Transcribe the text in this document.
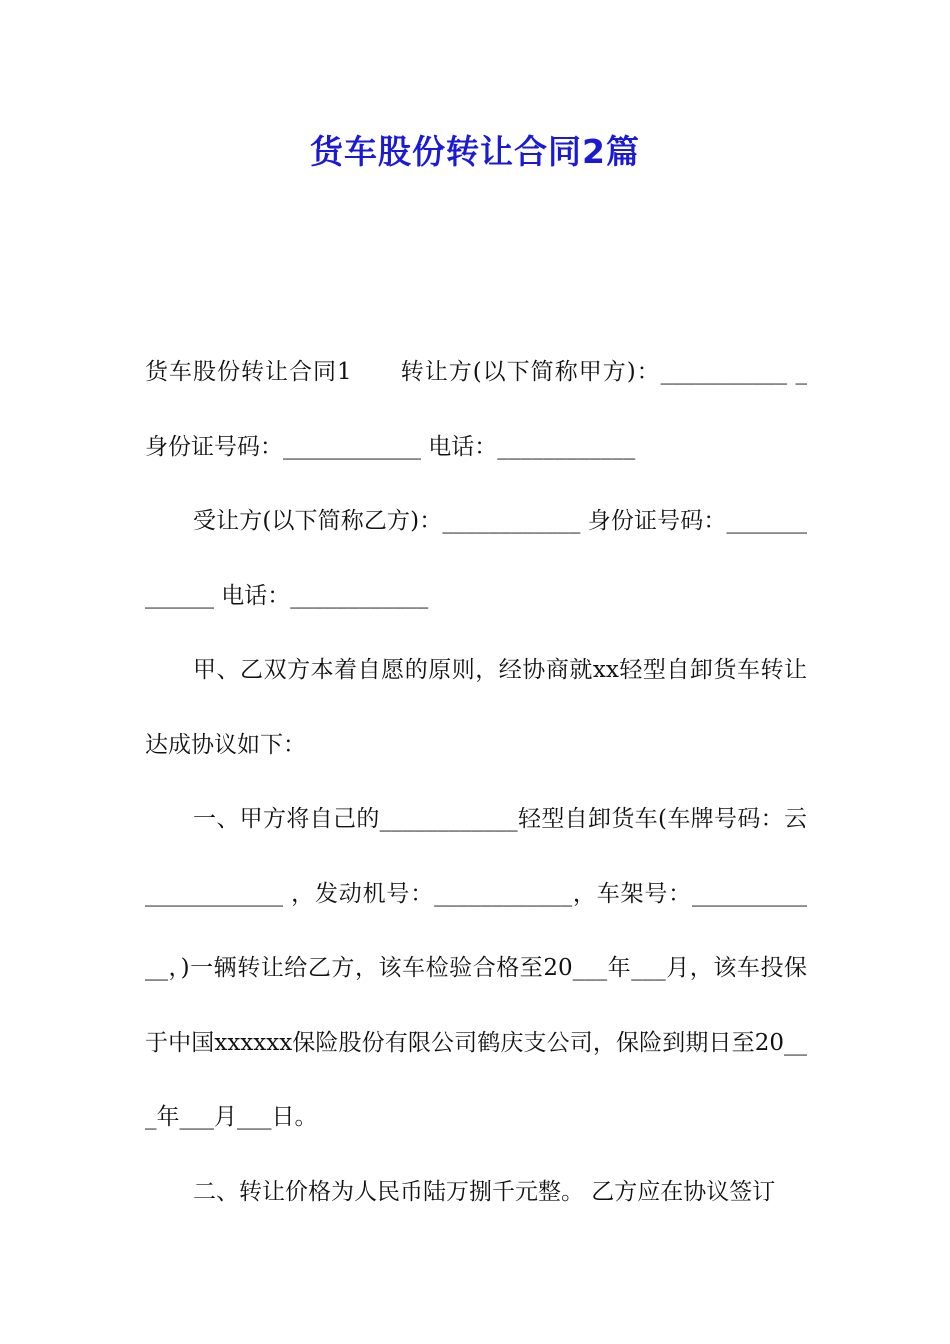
货车股份转让合同2篇

货车股份转让合同1　　转让方(以下简称甲方)：___________ _ 身份证号码：____________ 电话：____________

受让方(以下简称乙方)：____________ 身份证号码：_____________ 电话：____________

甲、乙双方本着自愿的原则，经协商就xx轻型自卸货车转让达成协议如下：

一、甲方将自己的____________轻型自卸货车(车牌号码：云____________ ，发动机号：____________，车架号：____________，)一辆转让给乙方，该车检验合格至20___年___月，该车投保于中国xxxxxx保险股份有限公司鹤庆支公司，保险到期日至20___年___月___日。

二、转让价格为人民币陆万捌千元整。 乙方应在协议签订
